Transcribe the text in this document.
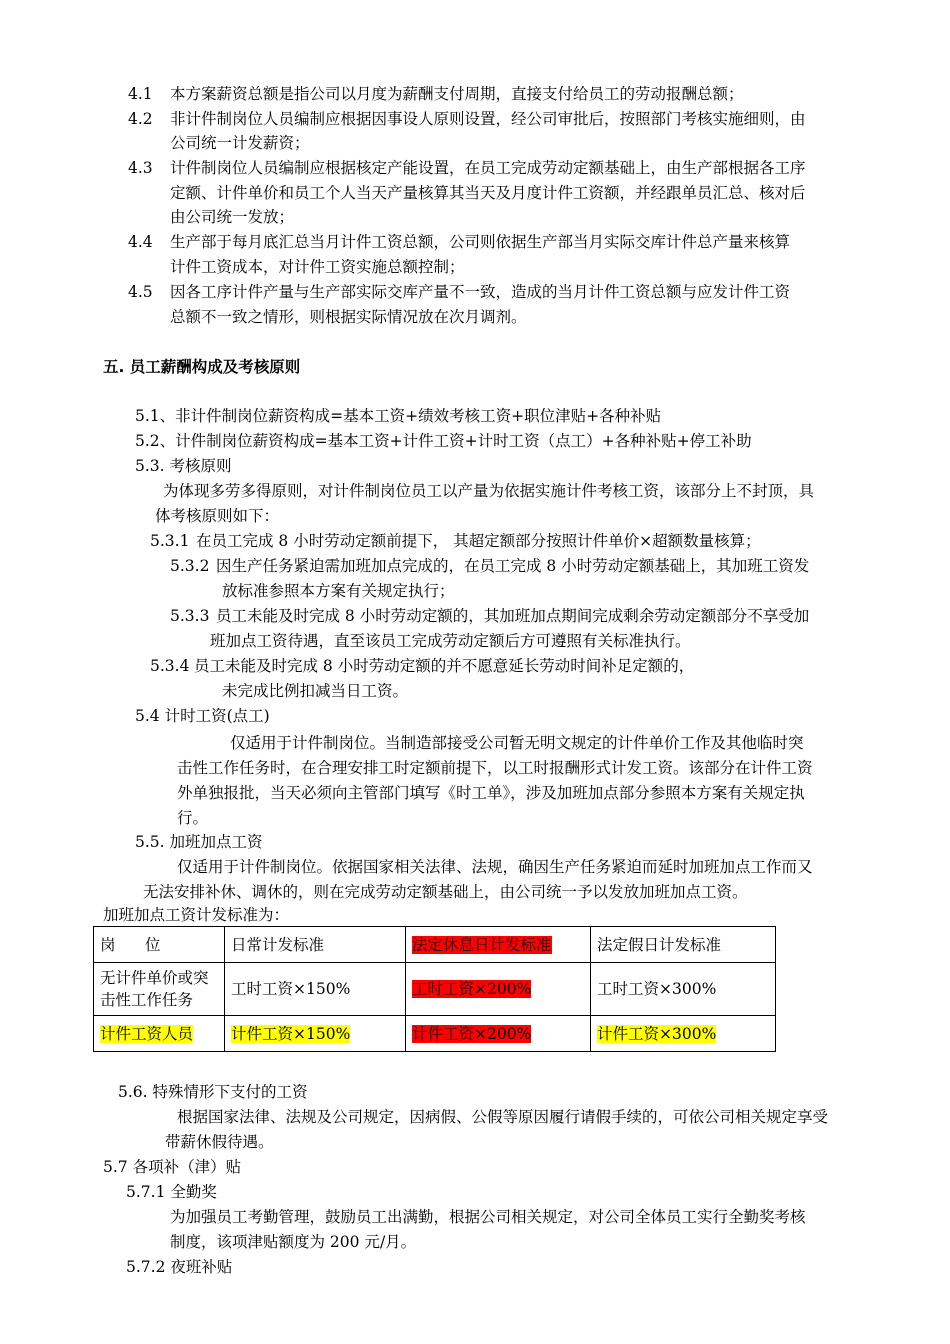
4.1 本方案薪资总额是指公司以月度为薪酬支付周期，直接支付给员工的劳动报酬总额；
4.2 非计件制岗位人员编制应根据因事设人原则设置，经公司审批后，按照部门考核实施细则，由
公司统一计发薪资；
4.3 计件制岗位人员编制应根据核定产能设置，在员工完成劳动定额基础上，由生产部根据各工序
定额、计件单价和员工个人当天产量核算其当天及月度计件工资额，并经跟单员汇总、核对后
由公司统一发放；
4.4 生产部于每月底汇总当月计件工资总额，公司则依据生产部当月实际交库计件总产量来核算
计件工资成本，对计件工资实施总额控制；
4.5 因各工序计件产量与生产部实际交库产量不一致，造成的当月计件工资总额与应发计件工资
总额不一致之情形，则根据实际情况放在次月调剂。
五. 员工薪酬构成及考核原则
5.1、非计件制岗位薪资构成=基本工资+绩效考核工资+职位津贴+各种补贴
5.2、计件制岗位薪资构成=基本工资+计件工资+计时工资（点工）+各种补贴+停工补助
5.3. 考核原则
为体现多劳多得原则，对计件制岗位员工以产量为依据实施计件考核工资，该部分上不封顶，具
体考核原则如下：
5.3.1 在员工完成 8 小时劳动定额前提下， 其超定额部分按照计件单价×超额数量核算；
5.3.2 因生产任务紧迫需加班加点完成的，在员工完成 8 小时劳动定额基础上，其加班工资发
放标准参照本方案有关规定执行；
5.3.3 员工未能及时完成 8 小时劳动定额的，其加班加点期间完成剩余劳动定额部分不享受加
班加点工资待遇，直至该员工完成劳动定额后方可遵照有关标准执行。
5.3.4 员工未能及时完成 8 小时劳动定额的并不愿意延长劳动时间补足定额的，
未完成比例扣减当日工资。
5.4 计时工资(点工)
仅适用于计件制岗位。当制造部接受公司暂无明文规定的计件单价工作及其他临时突
击性工作任务时，在合理安排工时定额前提下，以工时报酬形式计发工资。该部分在计件工资
外单独报批，当天必须向主管部门填写《时工单》，涉及加班加点部分参照本方案有关规定执
行。
5.5. 加班加点工资
仅适用于计件制岗位。依据国家相关法律、法规，确因生产任务紧迫而延时加班加点工作而又
无法安排补休、调休的，则在完成劳动定额基础上，由公司统一予以发放加班加点工资。
加班加点工资计发标准为：
岗      位	日常计发标准	法定休息日计发标准	法定假日计发标准
无计件单价或突
击性工作任务	工时工资×150%	工时工资×200%	工时工资×300%
计件工资人员	计件工资×150%	计件工资×200%	计件工资×300%
5.6. 特殊情形下支付的工资
根据国家法律、法规及公司规定，因病假、公假等原因履行请假手续的，可依公司相关规定享受
带薪休假待遇。
5.7 各项补（津）贴
5.7.1 全勤奖
为加强员工考勤管理，鼓励员工出满勤，根据公司相关规定，对公司全体员工实行全勤奖考核
制度，该项津贴额度为 200 元/月。
5.7.2 夜班补贴
